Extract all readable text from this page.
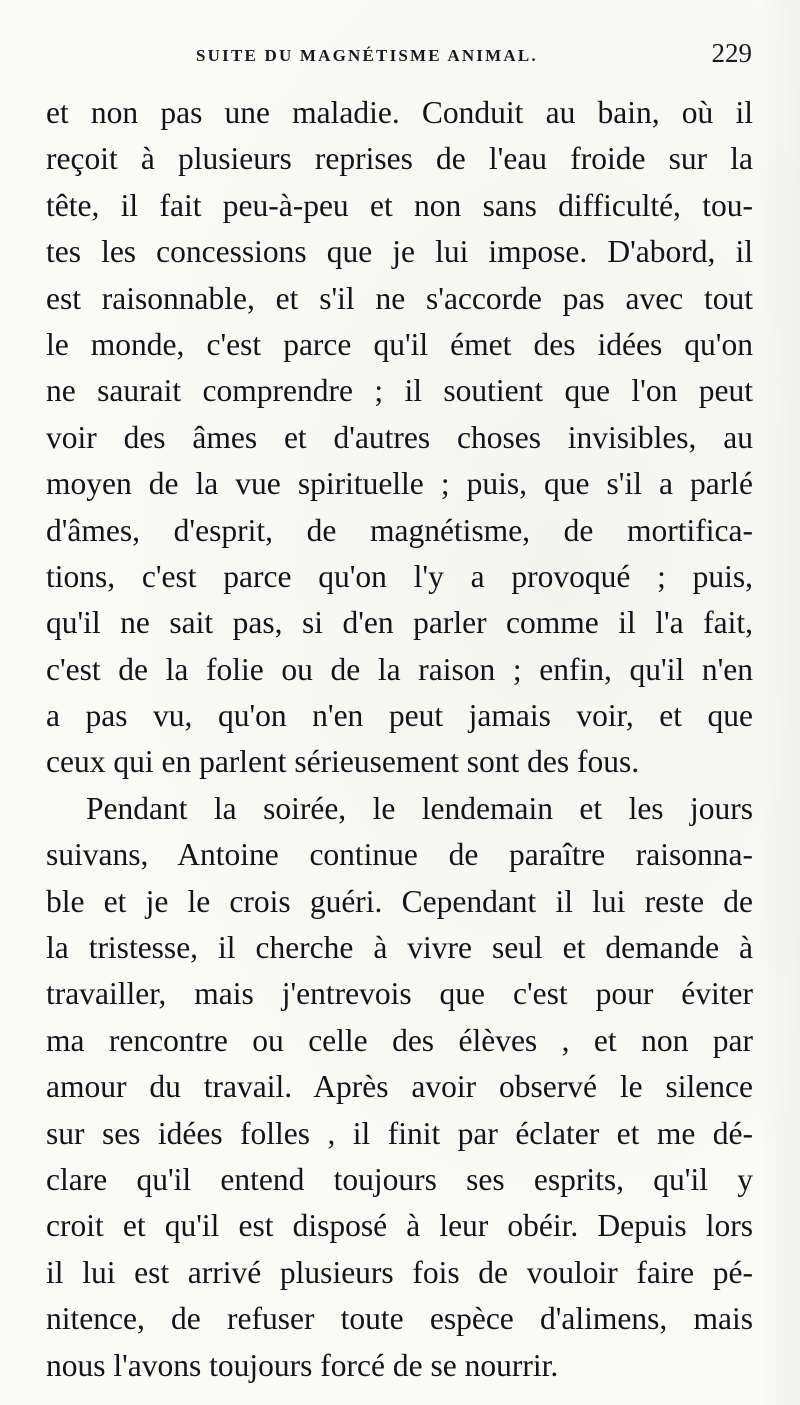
SUITE DU MAGNÉTISME ANIMAL.	229
et non pas une maladie. Conduit au bain, où il
reçoit à plusieurs reprises de l'eau froide sur la
tête, il fait peu-à-peu et non sans difficulté, tou-
tes les concessions que je lui impose. D'abord, il
est raisonnable, et s'il ne s'accorde pas avec tout
le monde, c'est parce qu'il émet des idées qu'on
ne saurait comprendre ; il soutient que l'on peut
voir des âmes et d'autres choses invisibles, au
moyen de la vue spirituelle ; puis, que s'il a parlé
d'âmes, d'esprit, de magnétisme, de mortifica-
tions, c'est parce qu'on l'y a provoqué ; puis,
qu'il ne sait pas, si d'en parler comme il l'a fait,
c'est de la folie ou de la raison ; enfin, qu'il n'en
a pas vu, qu'on n'en peut jamais voir, et que
ceux qui en parlent sérieusement sont des fous.
Pendant la soirée, le lendemain et les jours
suivans, Antoine continue de paraître raisonna-
ble et je le crois guéri. Cependant il lui reste de
la tristesse, il cherche à vivre seul et demande à
travailler, mais j'entrevois que c'est pour éviter
ma rencontre ou celle des élèves , et non par
amour du travail. Après avoir observé le silence
sur ses idées folles , il finit par éclater et me dé-
clare qu'il entend toujours ses esprits, qu'il y
croit et qu'il est disposé à leur obéir. Depuis lors
il lui est arrivé plusieurs fois de vouloir faire pé-
nitence, de refuser toute espèce d'alimens, mais
nous l'avons toujours forcé de se nourrir.
